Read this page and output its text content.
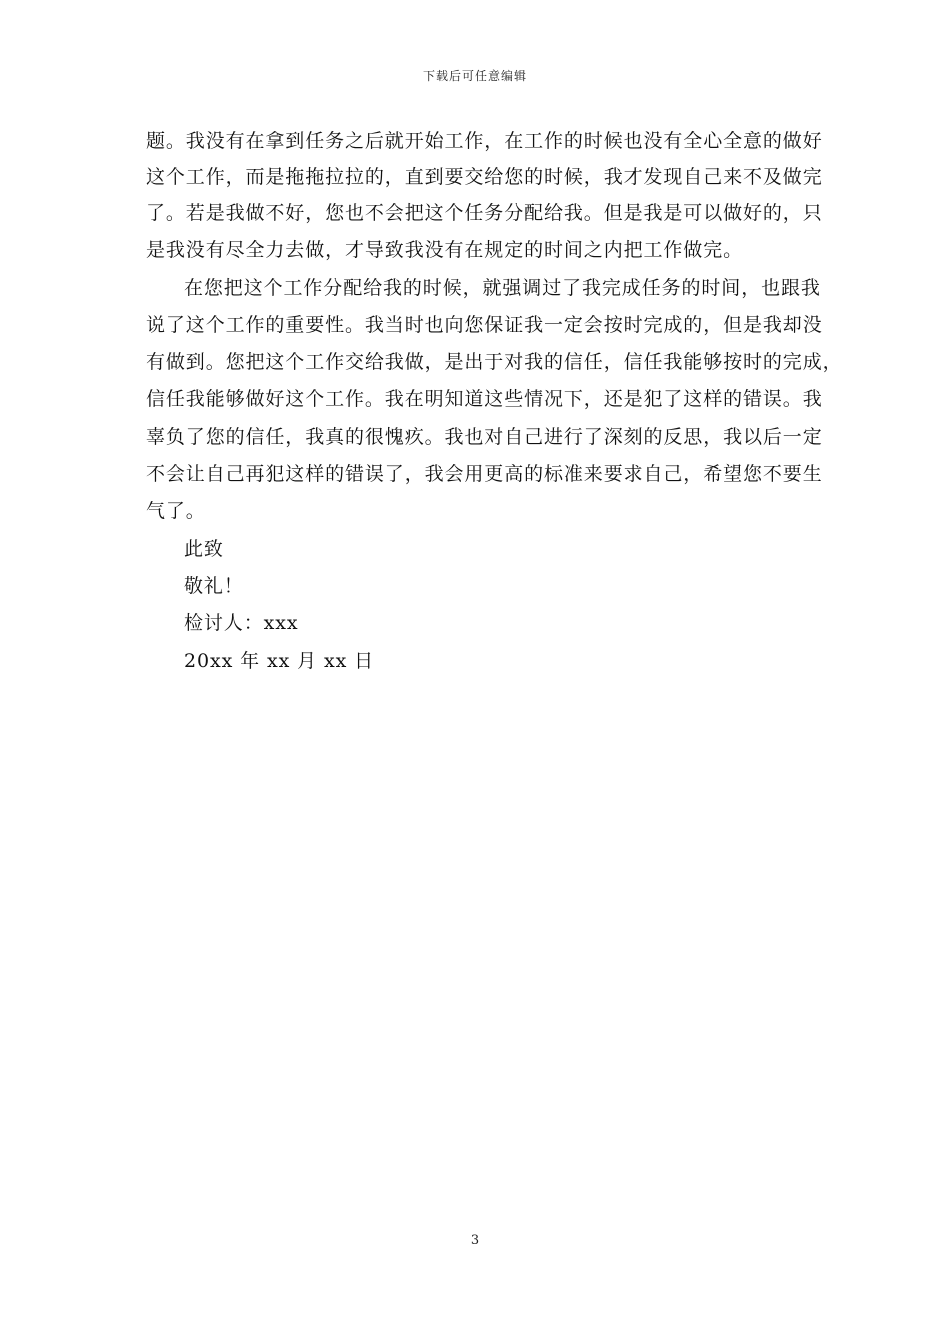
下载后可任意编辑
题。我没有在拿到任务之后就开始工作，在工作的时候也没有全心全意的做好
这个工作，而是拖拖拉拉的，直到要交给您的时候，我才发现自己来不及做完
了。若是我做不好，您也不会把这个任务分配给我。但是我是可以做好的，只
是我没有尽全力去做，才导致我没有在规定的时间之内把工作做完。
在您把这个工作分配给我的时候，就强调过了我完成任务的时间，也跟我
说了这个工作的重要性。我当时也向您保证我一定会按时完成的，但是我却没
有做到。您把这个工作交给我做，是出于对我的信任，信任我能够按时的完成，
信任我能够做好这个工作。我在明知道这些情况下，还是犯了这样的错误。我
辜负了您的信任，我真的很愧疚。我也对自己进行了深刻的反思，我以后一定
不会让自己再犯这样的错误了，我会用更高的标准来要求自己，希望您不要生
气了。
此致
敬礼！
检讨人：xxx
20xx 年 xx 月 xx 日
3
